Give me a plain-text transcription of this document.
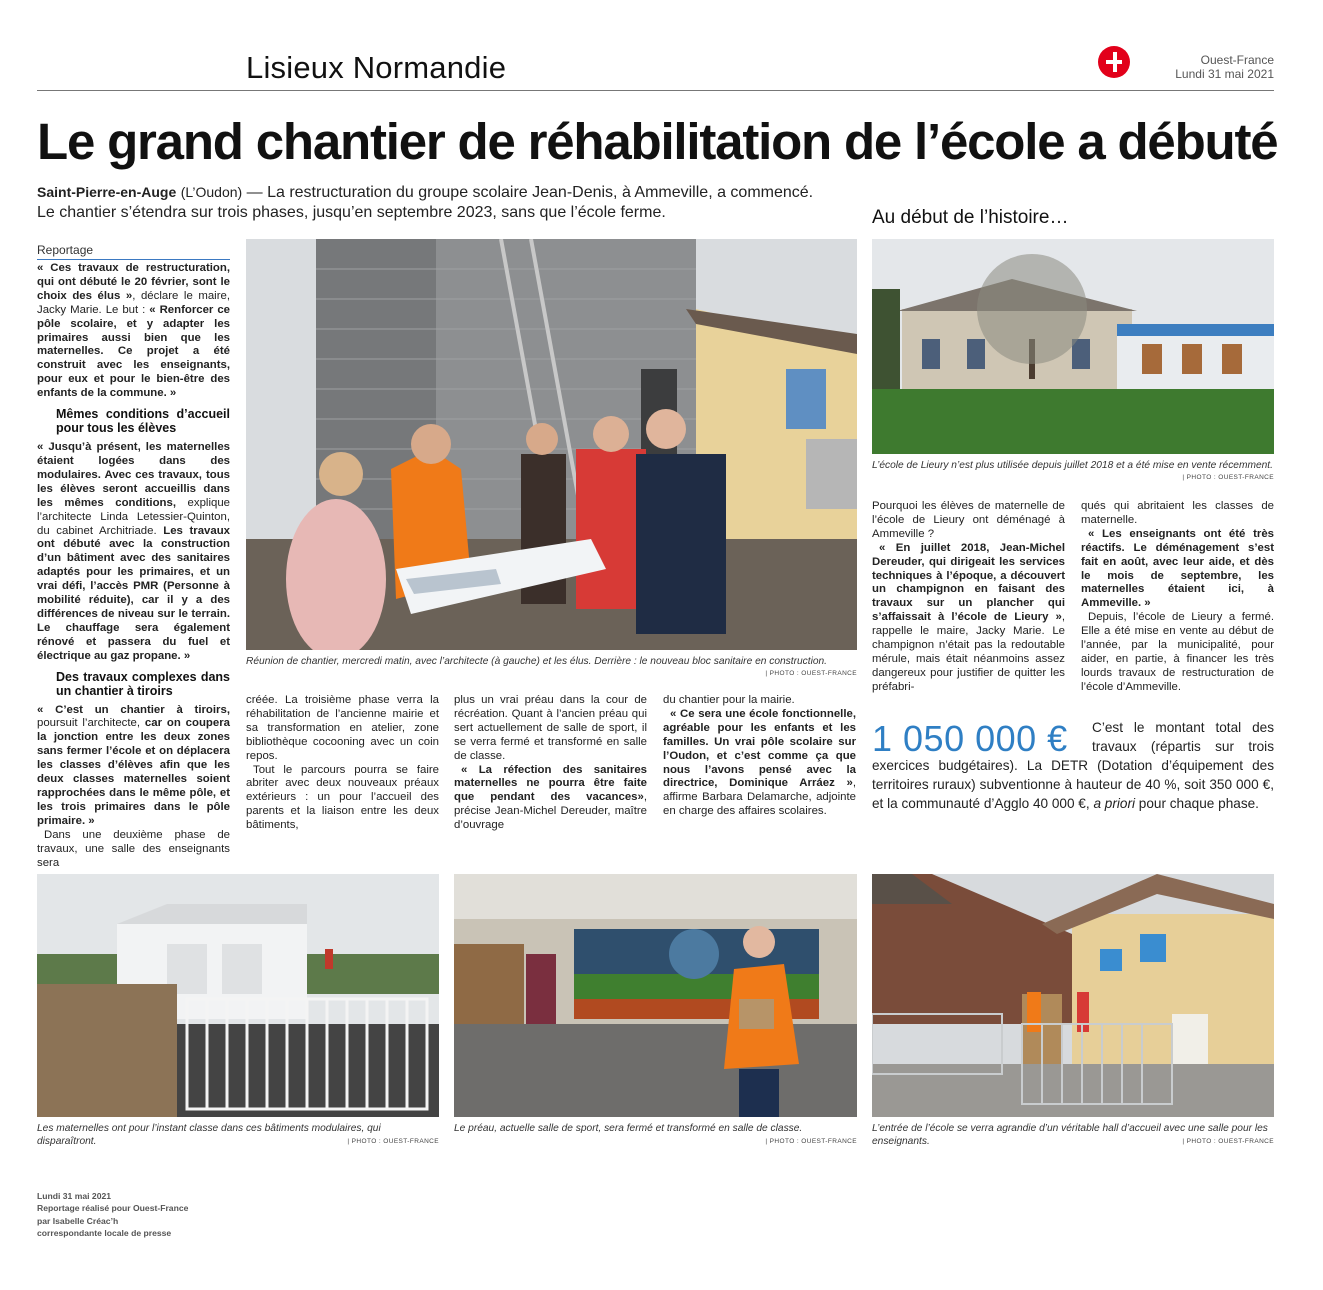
Lisieux Normandie	Ouest-France
Lundi 31 mai 2021
Le grand chantier de réhabilitation de l’école a débuté
Saint-Pierre-en-Auge (L’Oudon) — La restructuration du groupe scolaire Jean-Denis, à Ammeville, a commencé. Le chantier s’étendra sur trois phases, jusqu’en septembre 2023, sans que l’école ferme.
Reportage

« Ces travaux de restructuration, qui ont débuté le 20 février, sont le choix des élus », déclare le maire, Jacky Marie. Le but : « Renforcer ce pôle scolaire, et y adapter les primaires aussi bien que les maternelles. Ce projet a été construit avec les enseignants, pour eux et pour le bien-être des enfants de la commune. »

Mêmes conditions d’accueil pour tous les élèves

« Jusqu’à présent, les maternelles étaient logées dans des modulaires. Avec ces travaux, tous les élèves seront accueillis dans les mêmes conditions, explique l’architecte Linda Letessier-Quinton, du cabinet Architriade. Les travaux ont débuté avec la construction d’un bâtiment avec des sanitaires adaptés pour les primaires, et un vrai défi, l’accès PMR (Personne à mobilité réduite), car il y a des différences de niveau sur le terrain. Le chauffage sera également rénové et passera du fuel et électrique au gaz propane. »

Des travaux complexes dans un chantier à tiroirs

« C’est un chantier à tiroirs, poursuit l’architecte, car on coupera la jonction entre les deux zones sans fermer l’école et on déplacera les classes d’élèves afin que les deux classes maternelles soient rapprochées dans le même pôle, et les trois primaires dans le pôle primaire. »

Dans une deuxième phase de travaux, une salle des enseignants sera

Réunion de chantier, mercredi matin, avec l’architecte (à gauche) et les élus. Derrière : le nouveau bloc sanitaire en construction.
| PHOTO : OUEST-FRANCE

créée. La troisième phase verra la réhabilitation de l’ancienne mairie et sa transformation en atelier, zone bibliothèque cocooning avec un coin repos.

Tout le parcours pourra se faire abriter avec deux nouveaux préaux extérieurs : un pour l’accueil des parents et la liaison entre les deux bâtiments,

plus un vrai préau dans la cour de récréation. Quant à l’ancien préau qui sert actuellement de salle de sport, il se verra fermé et transformé en salle de classe.

« La réfection des sanitaires maternelles ne pourra être faite que pendant des vacances», précise Jean-Michel Dereuder, maître d’ouvrage

du chantier pour la mairie.

« Ce sera une école fonctionnelle, agréable pour les enfants et les familles. Un vrai pôle scolaire sur l’Oudon, et c’est comme ça que nous l’avons pensé avec la directrice, Dominique Arráez », affirme Barbara Delamarche, adjointe en charge des affaires scolaires.

Au début de l’histoire…
L’école de Lieury n’est plus utilisée depuis juillet 2018 et a été mise en vente récemment.
| PHOTO : OUEST-FRANCE

Pourquoi les élèves de maternelle de l’école de Lieury ont déménagé à Ammeville ?

« En juillet 2018, Jean-Michel Dereuder, qui dirigeait les services techniques à l’époque, a découvert un champignon en faisant des travaux sur un plancher qui s’affaissait à l’école de Lieury », rappelle le maire, Jacky Marie. Le champignon n’était pas la redoutable mérule, mais était néanmoins assez dangereux pour justifier de quitter les préfabri-

qués qui abritaient les classes de maternelle.

« Les enseignants ont été très réactifs. Le déménagement s’est fait en août, avec leur aide, et dès le mois de septembre, les maternelles étaient ici, à Ammeville. »

Depuis, l’école de Lieury a fermé. Elle a été mise en vente au début de l’année, par la municipalité, pour aider, en partie, à financer les très lourds travaux de restructuration de l’école d’Ammeville.

C’est le montant total des travaux (répartis sur trois exercices budgétaires). La DETR (Dotation d’équipement des territoires ruraux) subventionne à hauteur de 40 %, soit 350 000 €, et la communauté d’Agglo 40 000 €, a priori pour chaque phase.
1 050 000 €
Les maternelles ont pour l’instant classe dans ces bâtiments modulaires, qui disparaîtront.
Le préau, actuelle salle de sport, sera fermé et transformé en salle de classe.	L’entrée de l’école se verra agrandie d’un véritable hall d’accueil avec une salle pour les enseignants.
| PHOTO : OUEST-FRANCE	| PHOTO : OUEST-FRANCE	| PHOTO : OUEST-FRANCE
Lundi 31 mai 2021
Reportage réalisé pour Ouest-France
par Isabelle Créac’h
correspondante locale de presse
